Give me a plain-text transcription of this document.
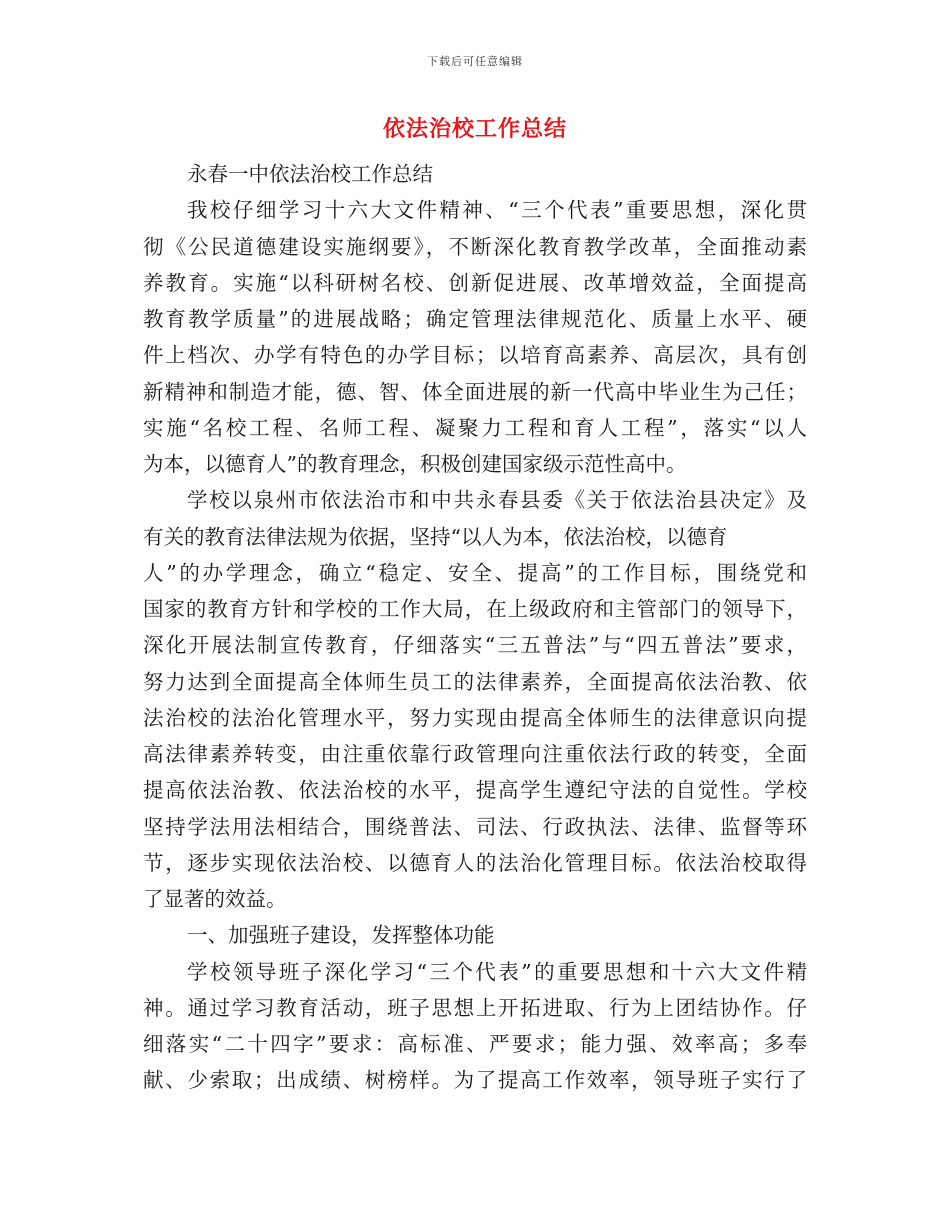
下载后可任意编辑
依法治校工作总结
永春一中依法治校工作总结
我校仔细学习十六大文件精神、“三个代表”重要思想，深化贯
彻《公民道德建设实施纲要》，不断深化教育教学改革，全面推动素
养教育。实施“以科研树名校、创新促进展、改革增效益，全面提高
教育教学质量”的进展战略；确定管理法律规范化、质量上水平、硬
件上档次、办学有特色的办学目标；以培育高素养、高层次，具有创
新精神和制造才能，德、智、体全面进展的新一代高中毕业生为己任；
实施“名校工程、名师工程、凝聚力工程和育人工程”，落实“以人
为本，以德育人”的教育理念，积极创建国家级示范性高中。
学校以泉州市依法治市和中共永春县委《关于依法治县决定》及
有关的教育法律法规为依据，坚持“以人为本，依法治校，以德育
人”的办学理念，确立“稳定、安全、提高”的工作目标，围绕党和
国家的教育方针和学校的工作大局，在上级政府和主管部门的领导下，
深化开展法制宣传教育，仔细落实“三五普法”与“四五普法”要求，
努力达到全面提高全体师生员工的法律素养，全面提高依法治教、依
法治校的法治化管理水平，努力实现由提高全体师生的法律意识向提
高法律素养转变，由注重依靠行政管理向注重依法行政的转变，全面
提高依法治教、依法治校的水平，提高学生遵纪守法的自觉性。学校
坚持学法用法相结合，围绕普法、司法、行政执法、法律、监督等环
节，逐步实现依法治校、以德育人的法治化管理目标。依法治校取得
了显著的效益。
一、加强班子建设，发挥整体功能
学校领导班子深化学习“三个代表”的重要思想和十六大文件精
神。通过学习教育活动，班子思想上开拓进取、行为上团结协作。仔
细落实“二十四字”要求：高标准、严要求；能力强、效率高；多奉
献、少索取；出成绩、树榜样。为了提高工作效率，领导班子实行了
